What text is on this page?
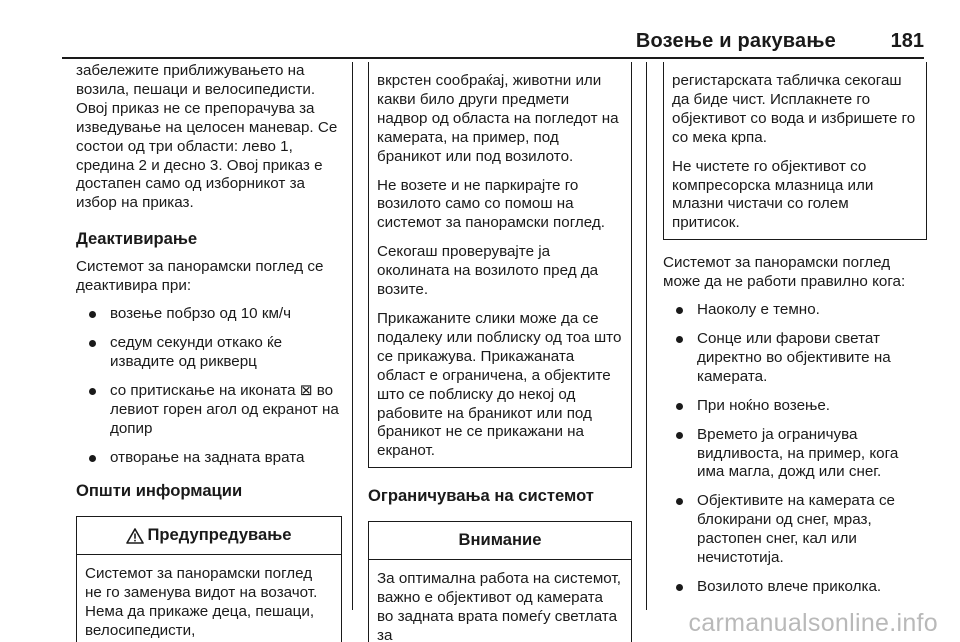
Возење и ракување	181

забележите приближувањето на возила, пешаци и велосипедисти. Овој приказ не се препорачува за изведување на целосен маневар. Се состои од три области: лево 1, средина 2 и десно 3. Овој приказ е достапен само од изборникот за избор на приказ.

Деактивирање

Системот за панорамски поглед се деактивира при:

возење побрзо од 10 км/ч
седум секунди откако ќе извадите од рикверц
со притискање на иконата ⊠ во левиот горен агол од екранот на допир
отворање на задната врата
Општи информации
Предупредување

Системот за панорамски поглед не го заменува видот на возачот. Нема да прикаже деца, пешаци, велосипедисти,

вкрстен сообраќај, животни или какви било други предмети надвор од областа на погледот на камерата, на пример, под браникот или под возилото.

Не возете и не паркирајте го возилото само со помош на системот за панорамски поглед.

Секогаш проверувајте ја околината на возилото пред да возите.

Прикажаните слики може да се подалеку или поблиску од тоа што се прикажува. Прикажаната област е ограничена, а објектите што се поблиску до некој од рабовите на браникот или под браникот не се прикажани на екранот.

Ограничувања на системот
Внимание

За оптимална работа на системот, важно е објективот од камерата во задната врата помеѓу светлата за

регистарската табличка секогаш да биде чист. Исплакнете го објективот со вода и избришете го со мека крпа.

Не чистете го објективот со компресорска млазница или млазни чистачи со голем притисок.

Системот за панорамски поглед може да не работи правилно кога:

Наоколу е темно.
Сонце или фарови светат директно во објективите на камерата.
При ноќно возење.
Времето ја ограничува видливоста, на пример, кога има магла, дожд или снег.
Објективите на камерата се блокирани од снег, мраз, растопен снег, кал или нечистотија.
Возилото влече приколка.
carmanualsonline.info
